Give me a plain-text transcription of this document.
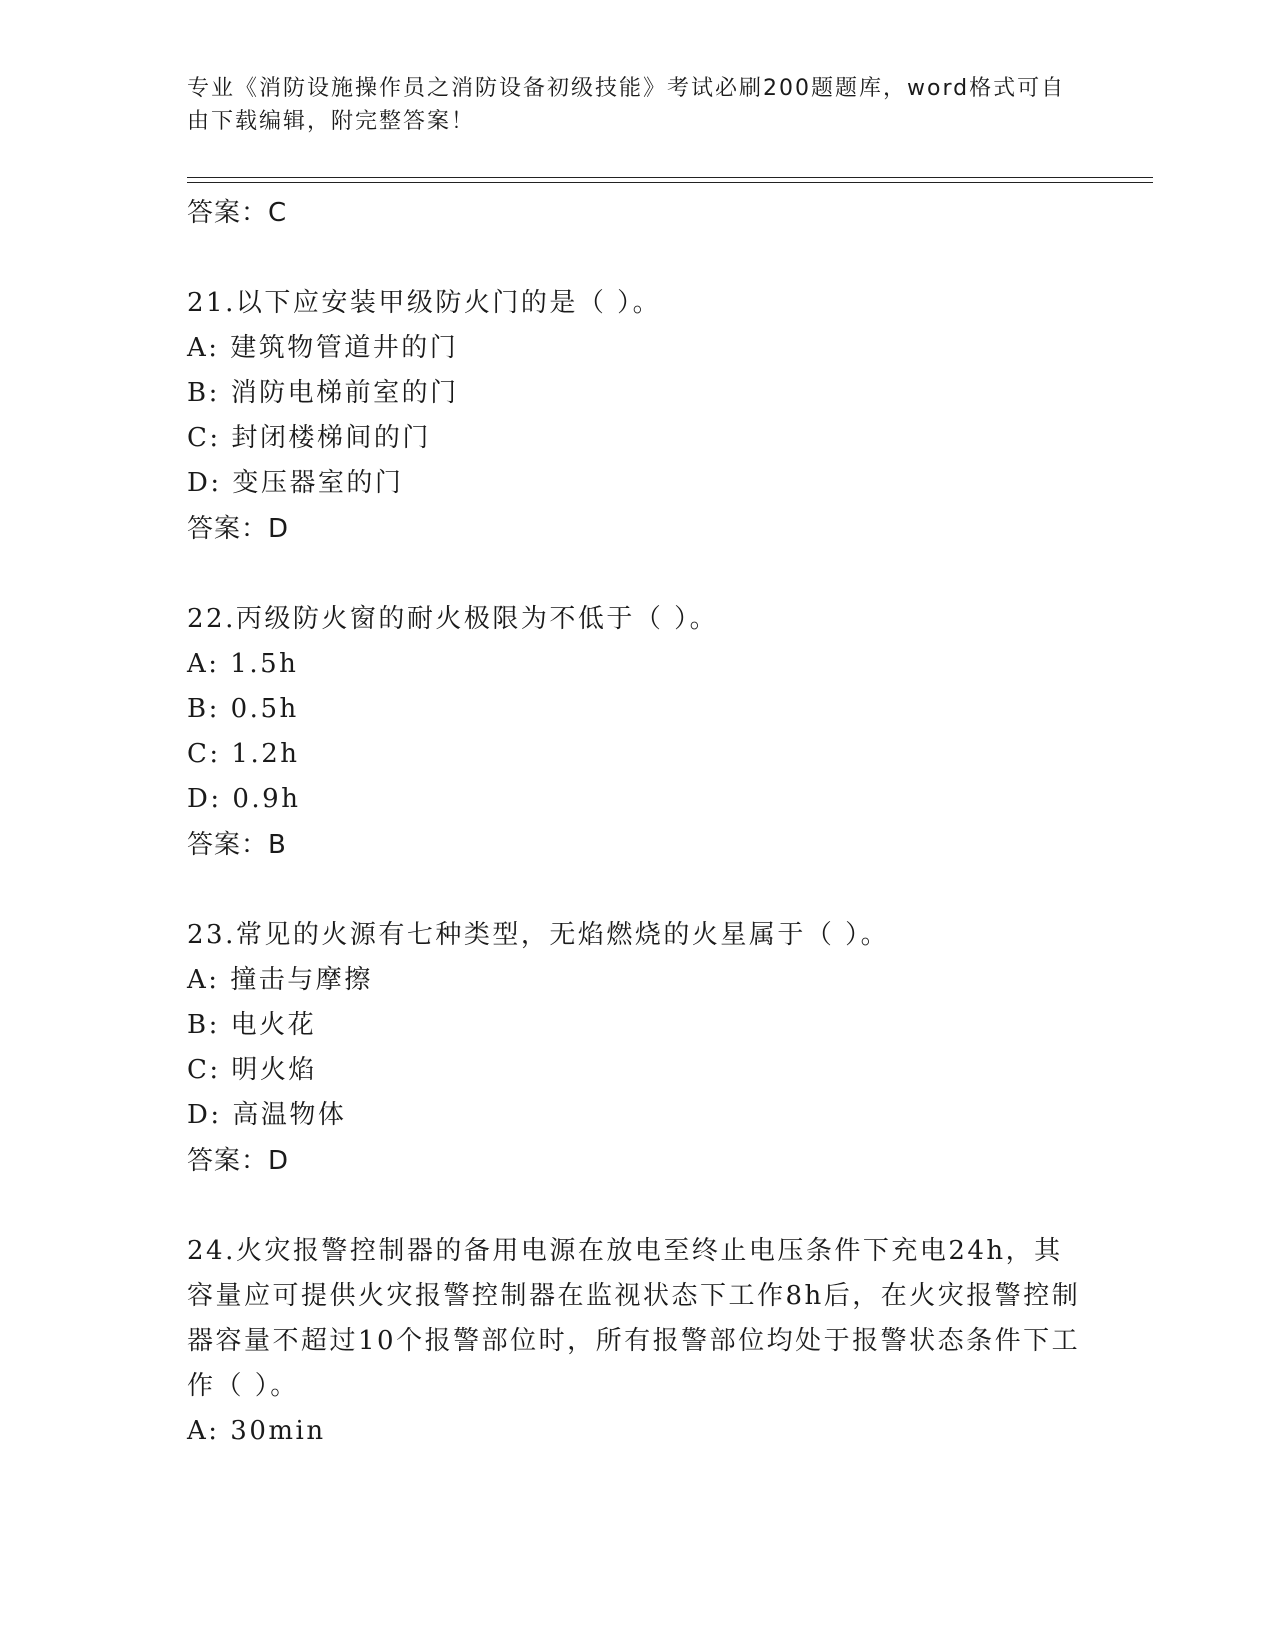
专业《消防设施操作员之消防设备初级技能》考试必刷200题题库，word格式可自由下载编辑，附完整答案！
答案：C
21.以下应安装甲级防火门的是（ ）。
A: 建筑物管道井的门
B: 消防电梯前室的门
C: 封闭楼梯间的门
D: 变压器室的门
答案：D
22.丙级防火窗的耐火极限为不低于（ ）。
A: 1.5h
B: 0.5h
C: 1.2h
D: 0.9h
答案：B
23.常见的火源有七种类型，无焰燃烧的火星属于（ ）。
A: 撞击与摩擦
B: 电火花
C: 明火焰
D: 高温物体
答案：D
24.火灾报警控制器的备用电源在放电至终止电压条件下充电24h，其容量应可提供火灾报警控制器在监视状态下工作8h后，在火灾报警控制器容量不超过10个报警部位时，所有报警部位均处于报警状态条件下工作（ ）。
A: 30min
